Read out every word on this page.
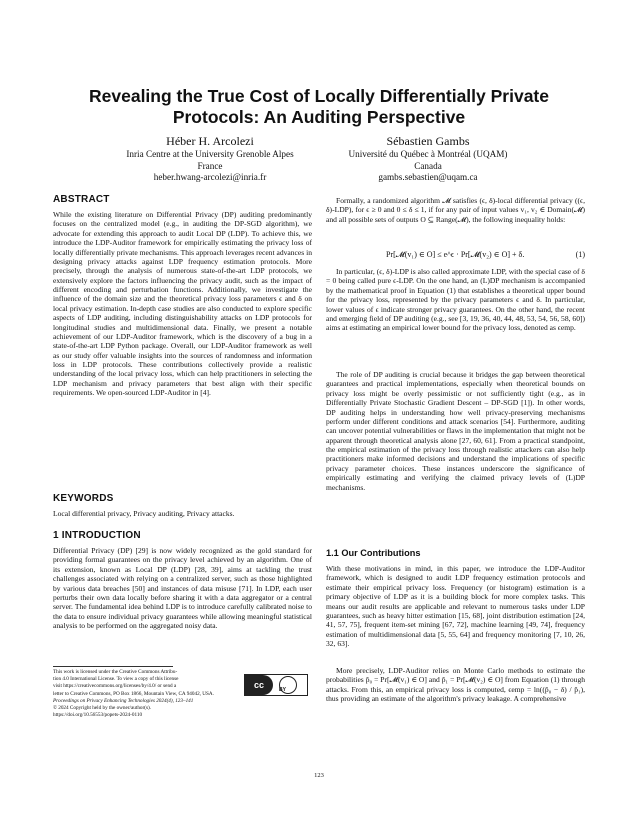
Revealing the True Cost of Locally Differentially Private Protocols: An Auditing Perspective
Héber H. Arcolezi
Inria Centre at the University Grenoble Alpes
France
heber.hwang-arcolezi@inria.fr
Sébastien Gambs
Université du Québec à Montréal (UQAM)
Canada
gambs.sebastien@uqam.ca
ABSTRACT
While the existing literature on Differential Privacy (DP) auditing predominantly focuses on the centralized model (e.g., in auditing the DP-SGD algorithm), we advocate for extending this approach to audit Local DP (LDP). To achieve this, we introduce the LDP-Auditor framework for empirically estimating the privacy loss of locally differentially private mechanisms. This approach leverages recent advances in designing privacy attacks against LDP frequency estimation protocols. More precisely, through the analysis of numerous state-of-the-art LDP protocols, we extensively explore the factors influencing the privacy audit, such as the impact of different encoding and perturbation functions. Additionally, we investigate the influence of the domain size and the theoretical privacy loss parameters ϵ and δ on local privacy estimation. In-depth case studies are also conducted to explore specific aspects of LDP auditing, including distinguishability attacks on LDP protocols for longitudinal studies and multidimensional data. Finally, we present a notable achievement of our LDP-Auditor framework, which is the discovery of a bug in a state-of-the-art LDP Python package. Overall, our LDP-Auditor framework as well as our study offer valuable insights into the sources of randomness and information loss in LDP protocols. These contributions collectively provide a realistic understanding of the local privacy loss, which can help practitioners in selecting the LDP mechanism and privacy parameters that best align with their specific requirements. We open-sourced LDP-Auditor in [4].
KEYWORDS
Local differential privacy, Privacy auditing, Privacy attacks.
1 INTRODUCTION
Differential Privacy (DP) [29] is now widely recognized as the gold standard for providing formal guarantees on the privacy level achieved by an algorithm. One of its extension, known as Local DP (LDP) [28, 39], aims at tackling the trust challenges associated with relying on a centralized server, such as those highlighted by various data breaches [50] and instances of data misuse [71]. In LDP, each user perturbs their own data locally before sharing it with a data aggregator or a central server. The fundamental idea behind LDP is to introduce carefully calibrated noise to the data to ensure individual privacy guarantees while allowing meaningful statistical analysis to be performed on the aggregated noisy data.
This work is licensed under the Creative Commons Attribu-
tion 4.0 International License. To view a copy of this license
visit https://creativecommons.org/licenses/by/4.0/ or send a
letter to Creative Commons, PO Box 1866, Mountain View, CA 94042, USA.
Proceedings on Privacy Enhancing Technologies 2024(4), 123–141
© 2024 Copyright held by the owner/author(s).
https://doi.org/10.56553/popets-2024-0110
cc	BY
Formally, a randomized algorithm 𝓜 satisfies (ϵ, δ)-local differential privacy ((ϵ, δ)-LDP), for ϵ ≥ 0 and 0 ≤ δ ≤ 1, if for any pair of input values v₁, v₂ ∈ Domain(𝓜) and all possible sets of outputs O ⊆ Range(𝓜), the following inequality holds:
Pr[𝓜(v₁) ∈ O] ≤ e^ϵ · Pr[𝓜(v₂) ∈ O] + δ.	(1)
In particular, (ϵ, δ)-LDP is also called approximate LDP, with the special case of δ = 0 being called pure ϵ-LDP. On the one hand, an (L)DP mechanism is accompanied by the mathematical proof in Equation (1) that establishes a theoretical upper bound for the privacy loss, represented by the privacy parameters ϵ and δ. In particular, lower values of ϵ indicate stronger privacy guarantees. On the other hand, the recent and emerging field of DP auditing (e.g., see [3, 19, 36, 40, 44, 48, 53, 54, 56, 58, 60]) aims at estimating an empirical lower bound for the privacy loss, denoted as ϵemp.
The role of DP auditing is crucial because it bridges the gap between theoretical guarantees and practical implementations, especially when theoretical bounds on privacy loss might be overly pessimistic or not sufficiently tight (e.g., as in Differentially Private Stochastic Gradient Descent – DP-SGD [1]). In other words, DP auditing helps in understanding how well privacy-preserving mechanisms perform under different conditions and attack scenarios [54]. Furthermore, auditing can uncover potential vulnerabilities or flaws in the implementation that might not be apparent through theoretical analysis alone [27, 60, 61]. From a practical standpoint, the empirical estimation of the privacy loss through realistic attackers can also help practitioners make informed decisions and understand the implications of specific privacy parameter choices. These instances underscore the significance of empirically estimating and verifying the claimed privacy levels of (L)DP mechanisms.
1.1 Our Contributions
With these motivations in mind, in this paper, we introduce the LDP-Auditor framework, which is designed to audit LDP frequency estimation protocols and estimate their empirical privacy loss. Frequency (or histogram) estimation is a primary objective of LDP as it is a building block for more complex tasks. This means our audit results are applicable and relevant to numerous tasks under LDP guarantees, such as heavy hitter estimation [15, 68], joint distribution estimation [24, 41, 57, 75], frequent item-set mining [67, 72], machine learning [49, 74], frequency estimation of multidimensional data [5, 55, 64] and frequency monitoring [7, 10, 26, 32, 63].
More precisely, LDP-Auditor relies on Monte Carlo methods to estimate the probabilities p̂₀ = Pr[𝓜(v₁) ∈ O] and p̂₁ = Pr[𝓜(v₂) ∈ O] from Equation (1) through attacks. From this, an empirical privacy loss is computed, ϵemp = ln((p̂₀ − δ) / p̂₁), thus providing an estimate of the algorithm's privacy leakage. A comprehensive
123
